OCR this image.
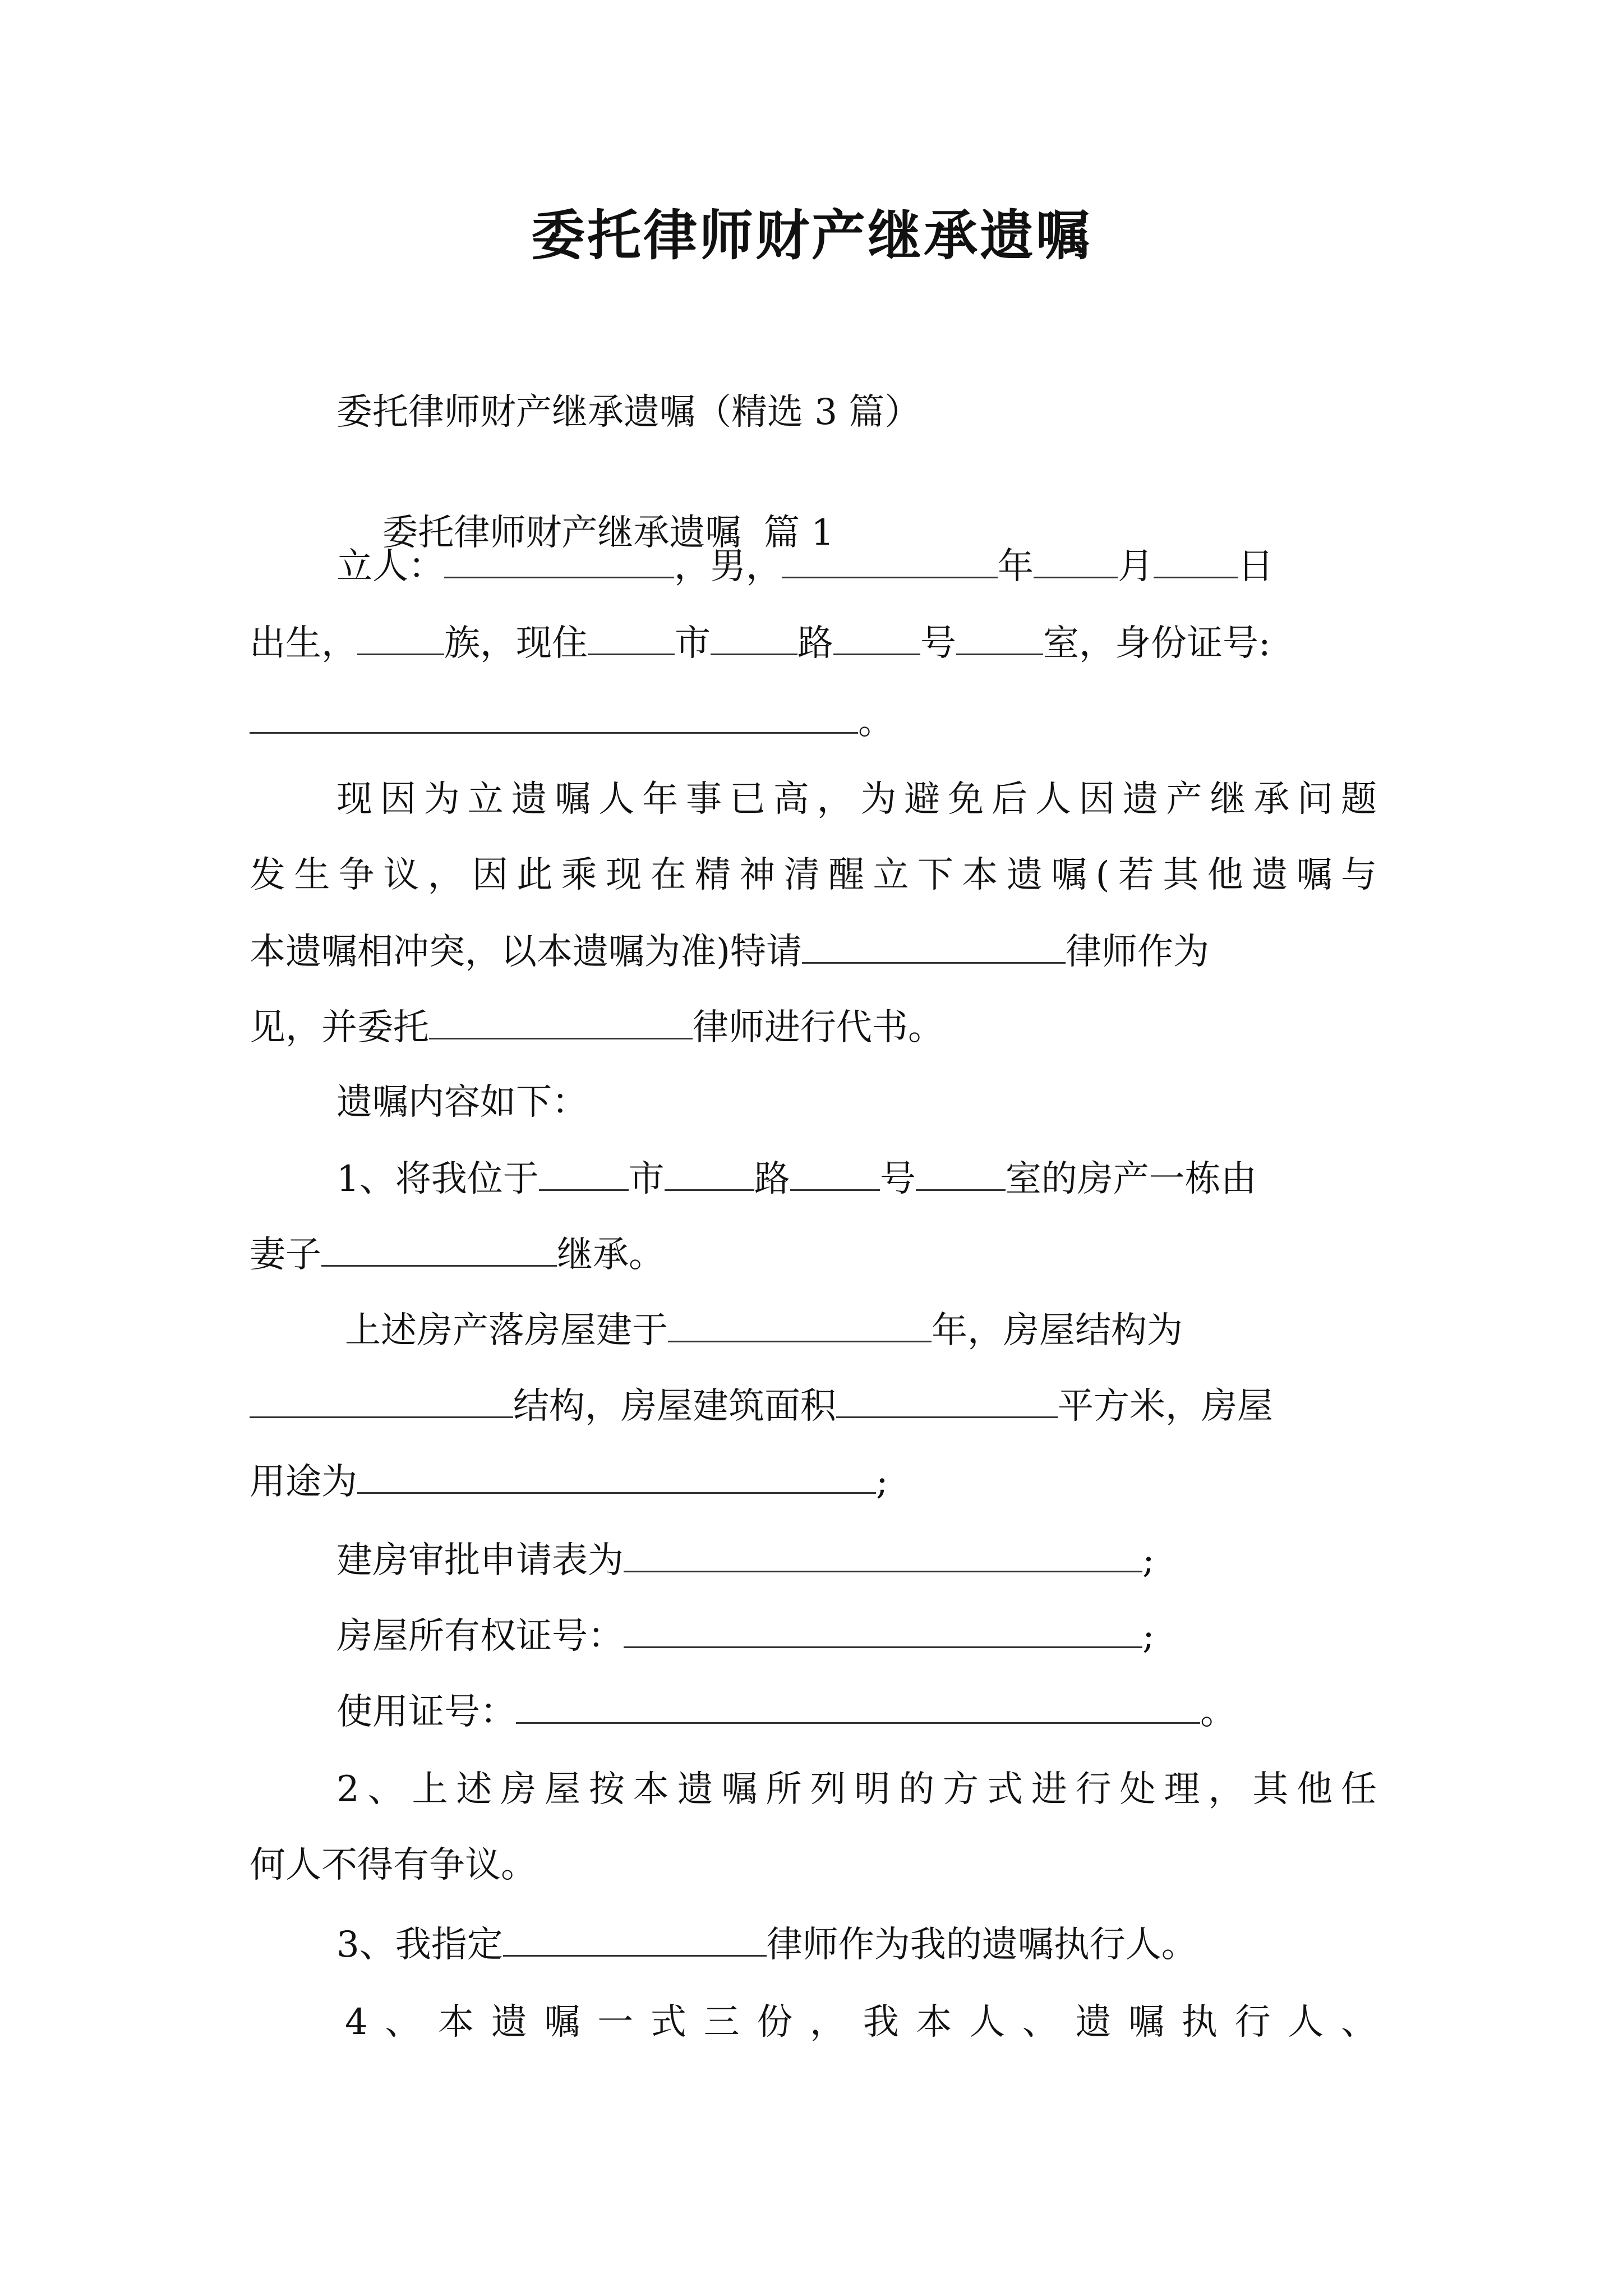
委托律师财产继承遗嘱
委托律师财产继承遗嘱（精选 3 篇）

委托律师财产继承遗嘱  篇 1

立人：	，男，	年 月 日
出生， 族，现住 市 路 号 室，身份证号:
。
现因为立遗嘱人年事已高，为避免后人因遗产继承问题
发生争议，因此乘现在精神清醒立下本遗嘱(若其他遗嘱与
本遗嘱相冲突，以本遗嘱为准)特请	律师作为
见，并委托	律师进行代书。
遗嘱内容如下：
1、将我位于	市	路	号	室的房产一栋由
妻子	继承。
上述房产落房屋建于	年，房屋结构为
结构，房屋建筑面积	平方米，房屋
用途为	;
建房审批申请表为	;
房屋所有权证号：	;
使用证号：	。
2、上述房屋按本遗嘱所列明的方式进行处理，其他任
何人不得有争议。
3、我指定	律师作为我的遗嘱执行人。
4、本遗嘱一式三份，我本人、遗嘱执行人、
